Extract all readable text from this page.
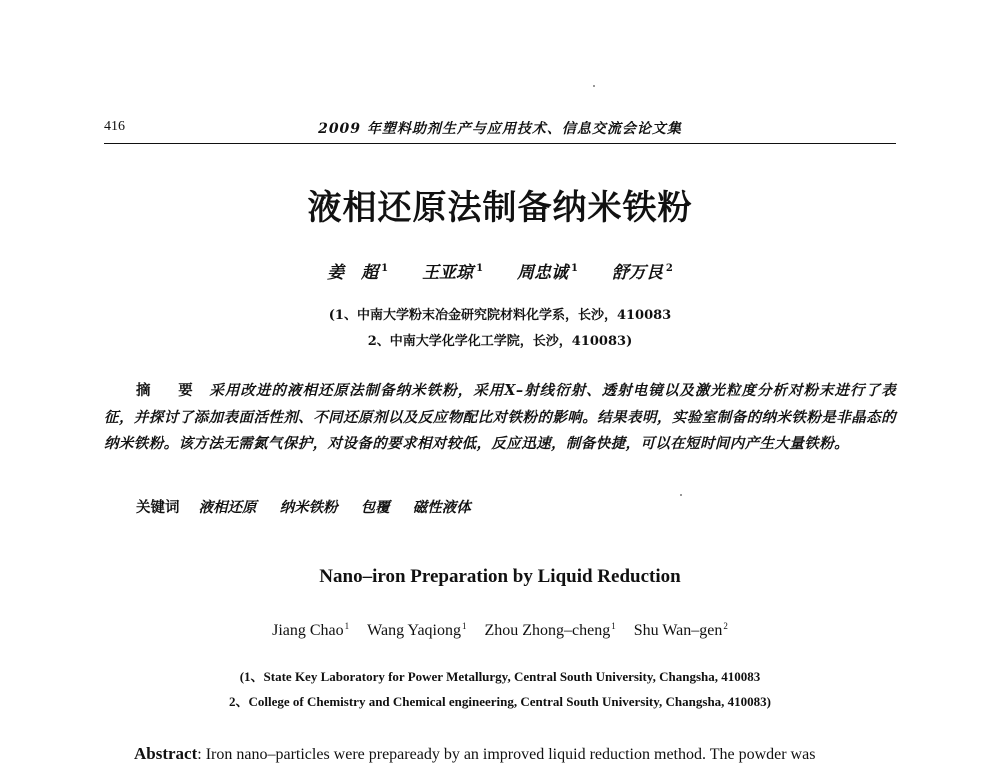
416	2009 年塑料助剂生产与应用技术、信息交流会论文集
液相还原法制备纳米铁粉
姜　超 $^1$ 王亚琼 $^1$ 周忠诚 $^1$ 舒万艮 $^2$
(1、中南大学粉末冶金研究院材料化学系，长沙，410083
2、中南大学化学化工学院，长沙，410083)
摘　要 采用改进的液相还原法制备纳米铁粉，采用X–射线衍射、透射电镜以及激光粒度分析对粉末进行了表征，并探讨了添加表面活性剂、不同还原剂以及反应物配比对铁粉的影响。结果表明，实验室制备的纳米铁粉是非晶态的纳米铁粉。该方法无需氮气保护，对设备的要求相对较低，反应迅速，制备快捷，可以在短时间内产生大量铁粉。
关键词 液相还原 纳米铁粉 包覆 磁性液体
Nano–iron Preparation by Liquid Reduction
Jiang Chao$^1$ Wang Yaqiong$^1$ Zhou Zhong–cheng$^1$ Shu Wan–gen$^2$
(1、State Key Laboratory for Power Metallurgy, Central South University, Changsha, 410083
2、College of Chemistry and Chemical engineering, Central South University, Changsha, 410083)
Abstract: Iron nano–particles were prepaready by an improved liquid reduction method. The powder was
